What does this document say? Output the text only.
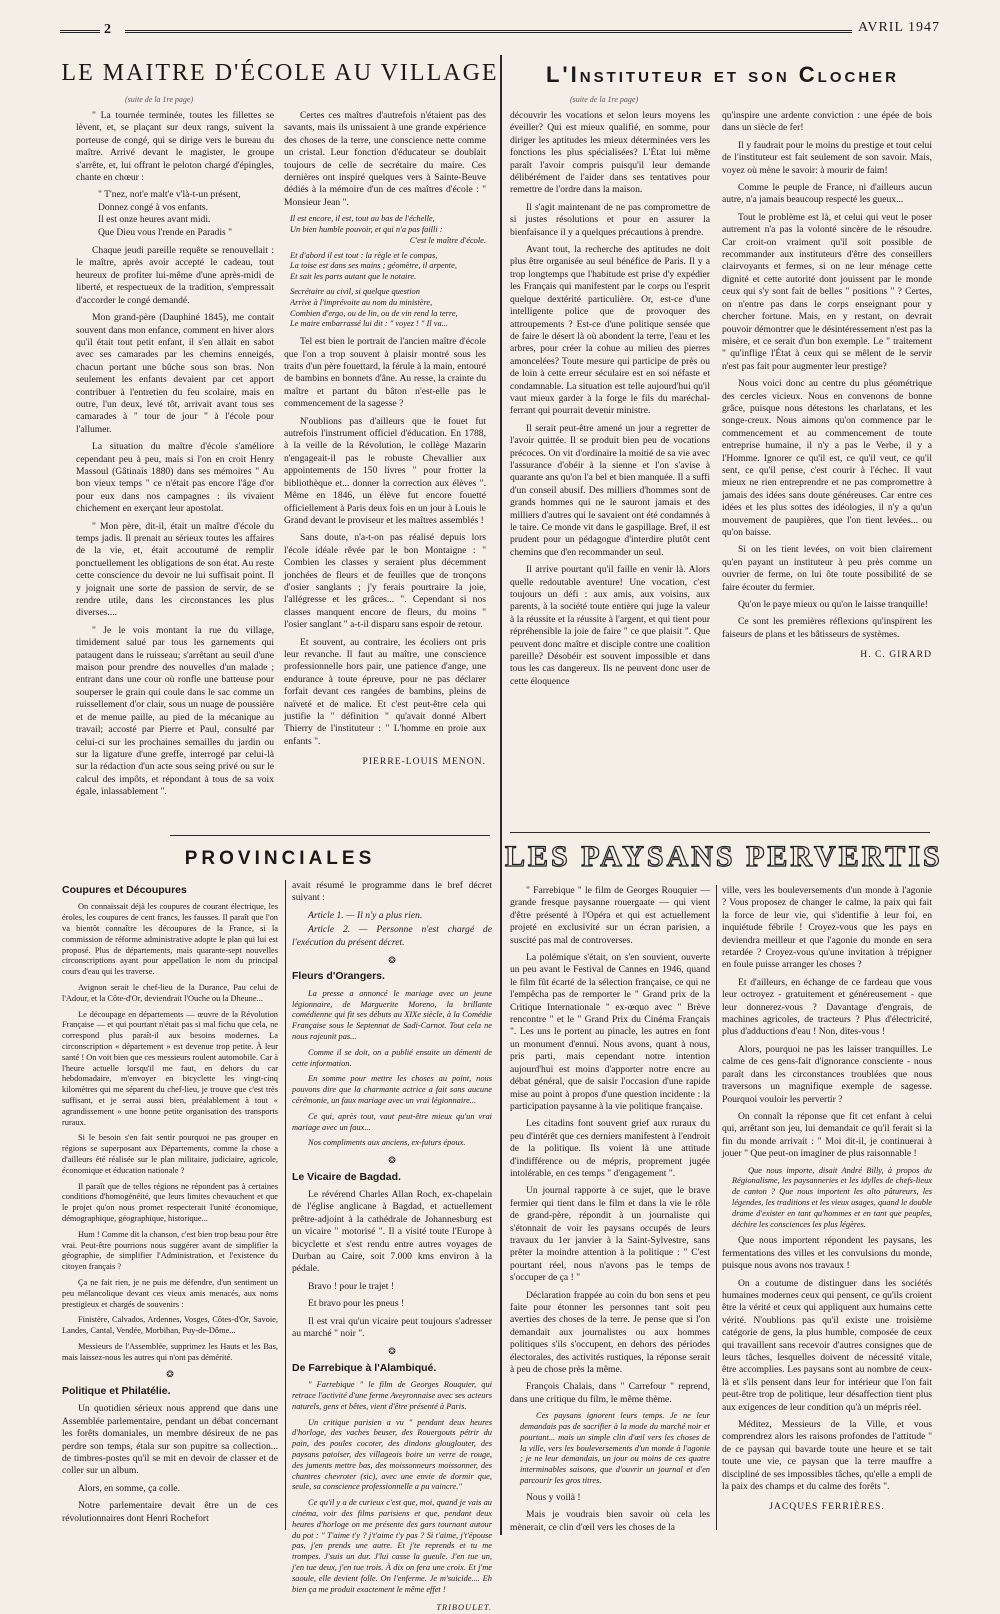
2	AVRIL 1947
LE MAITRE D'ÉCOLE AU VILLAGE
(suite de la 1re page)

" La tournée terminée, toutes les fillettes se lèvent, et, se plaçant sur deux rangs, suivent la porteuse de congé, qui se dirige vers le bureau du maître. Arrivé devant le magister, le groupe s'arrête, et, lui offrant le peloton chargé d'épingles, chante en chœur :

" T'nez, not'e malt'e v'là-t-un présent,
Donnez congé à vos enfants.
Il est onze heures avant midi.
Que Dieu vous l'rende en Paradis "

Chaque jeudi pareille requête se renouvellait : le maître, après avoir accepté le cadeau, tout heureux de profiter lui-même d'une après-midi de liberté, et respectueux de la tradition, s'empressait d'accorder le congé demandé.

Mon grand-père (Dauphiné 1845), me contait souvent dans mon enfance, comment en hiver alors qu'il était tout petit enfant, il s'en allait en sabot avec ses camarades par les chemins enneigés, chacun portant une bûche sous son bras. Non seulement les enfants devaient par cet apport contribuer à l'entretien du feu scolaire, mais en outre, l'un deux, levé tôt, arrivait avant tous ses camarades à " tour de jour " à l'école pour l'allumer.

La situation du maître d'école s'améliore cependant peu à peu, mais si l'on en croit Henry Massoul (Gâtinais 1880) dans ses mémoires " Au bon vieux temps " ce n'était pas encore l'âge d'or pour eux dans nos campagnes : ils vivaient chichement en exerçant leur apostolat.

" Mon père, dit-il, était un maître d'école du temps jadis. Il prenait au sérieux toutes les affaires de la vie, et, était accoutumé de remplir ponctuellement les obligations de son état. Au reste cette conscience du devoir ne lui suffisait point. Il y joignait une sorte de passion de servir, de se rendre utile, dans les circonstances les plus diverses....

" Je le vois montant la rue du village, timidement salué par tous les garnements qui pataugent dans le ruisseau; s'arrêtant au seuil d'une maison pour prendre des nouvelles d'un malade ; entrant dans une cour où ronfle une batteuse pour souperser le grain qui coule dans le sac comme un ruissellement d'or clair, sous un nuage de poussière et de menue paille, au pied de la mécanique au travail; accosté par Pierre et Paul, consulté par celui-ci sur les prochaines semailles du jardin ou sur la ligature d'une greffe, interrogé par celui-là sur la rédaction d'un acte sous seing privé ou sur le calcul des impôts, et répondant à tous de sa voix égale, inlassablement ".

Certes ces maîtres d'autrefois n'étaient pas des savants, mais ils unissaient à une grande expérience des choses de la terre, une conscience nette comme un cristal. Leur fonction d'éducateur se doublait toujours de celle de secrétaire du maire. Ces dernières ont inspiré quelques vers à Sainte-Beuve dédiés à la mémoire d'un de ces maîtres d'école : " Monsieur Jean ".

Il est encore, il est, tout au bas de l'échelle,
Un bien humble pouvoir, et qui n'a pas failli :
C'est le maître d'école.
Et d'abord il est tout : la règle et le compas,
La toise est dans ses mains ; géomètre, il arpente,
Et sait les parts autant que le notaire.
Secrétaire au civil, si quelque question
Arrive à l'imprévoite au nom du ministère,
Combien d'ergo, ou de lin, ou de vin rend la terre,
Le maire embarrassé lui dit : " voyez ! " Il va...

Tel est bien le portrait de l'ancien maître d'école que l'on a trop souvent à plaisir montré sous les traits d'un père fouettard, la férule à la main, entouré de bambins en bonnets d'âne. Au resse, la crainte du maître et partant du bâton n'est-elle pas le commencement de la sagesse ?

N'oublions pas d'ailleurs que le fouet fut autrefois l'instrument officiel d'éducation. En 1788, à la veille de la Révolution, le collège Mazarin n'engageait-il pas le robuste Chevallier aux appointements de 150 livres " pour frotter la bibliothèque et... donner la correction aux élèves ". Même en 1846, un élève fut encore fouetté officiellement à Paris deux fois en un jour à Louis le Grand devant le proviseur et les maîtres assemblés !

Sans doute, n'a-t-on pas réalisé depuis lors l'école idéale rêvée par le bon Montaigne : " Combien les classes y seraient plus décemment jonchées de fleurs et de feuilles que de tronçons d'osier sanglants ; j'y ferais pourtraire la joie, l'allégresse et les grâces... ". Cependant si nos classes manquent encore de fleurs, du moins " l'osier sanglant " a-t-il disparu sans espoir de retour.

Et souvent, au contraire, les écoliers ont pris leur revanche. Il faut au maître, une conscience professionnelle hors pair, une patience d'ange, une endurance à toute épreuve, pour ne pas déclarer forfait devant ces rangées de bambins, pleins de naïveté et de malice. Et c'est peut-être cela qui justifie la " définition " qu'avait donné Albert Thierry de l'instituteur : " L'homme en proie aux enfants ".

PIERRE-LOUIS MENON.

L'Instituteur et son Clocher
(suite de la 1re page)

découvrir les vocations et selon leurs moyens les éveiller? Qui est mieux qualifié, en somme, pour diriger les aptitudes les mieux déterminées vers les fonctions les plus spécialisées? L'État lui même paraît l'avoir compris puisqu'il leur demande délibérément de l'aider dans ses tentatives pour remettre de l'ordre dans la maison.

Il s'agit maintenant de ne pas compromettre de si justes résolutions et pour en assurer la bienfaisance il y a quelques précautions à prendre.

Avant tout, la recherche des aptitudes ne doit plus être organisée au seul bénéfice de Paris. Il y a trop longtemps que l'habitude est prise d'y expédier les Français qui manifestent par le corps ou l'esprit quelque dextérité particulière. Or, est-ce d'une intelligente police que de provoquer des attroupements ? Est-ce d'une politique sensée que de faire le désert là où abondent la terre, l'eau et les arbres, pour créer la cohue au milieu des pierres amoncelées? Toute mesure qui participe de près ou de loin à cette erreur séculaire est en soi néfaste et condamnable. La situation est telle aujourd'hui qu'il vaut mieux garder à la forge le fils du maréchal-ferrant qui pourrait devenir ministre.

Il serait peut-être amené un jour a regretter de l'avoir quittée. Il se produit bien peu de vocations précoces. On vit d'ordinaire la moitié de sa vie avec l'assurance d'obéir à la sienne et l'on s'avise à quarante ans qu'on l'a bel et bien manquée. Il a suffi d'un conseil abusif. Des milliers d'hommes sont de grands hommes qui ne le sauront jamais et des milliers d'autres qui le savaient ont été condamnés à le taire. Ce monde vit dans le gaspillage. Bref, il est prudent pour un pédagogue d'interdire plutôt cent chemins que d'en recommander un seul.

Il arrive pourtant qu'il faille en venir là. Alors quelle redoutable aventure! Une vocation, c'est toujours un défi : aux amis, aux voisins, aux parents, à la société toute entière qui juge la valeur à la réussite et la réussite à l'argent, et qui tient pour répréhensible la joie de faire " ce que plaisit ". Que peuvent donc maître et disciple contre une coalition pareille? Désobéir est souvent impossible et dans tous les cas dangereux. Ils ne peuvent donc user de cette éloquence

qu'inspire une ardente conviction : une épée de bois dans un siècle de fer!

Il y faudrait pour le moins du prestige et tout celui de l'instituteur est fait seulement de son savoir. Mais, voyez où mène le savoir: à mourir de faim!

Comme le peuple de France, ni d'ailleurs aucun autre, n'a jamais beaucoup respecté les gueux...

Tout le problème est là, et celui qui veut le poser autrement n'a pas la volonté sincère de le résoudre. Car croit-on vraiment qu'il soit possible de recommander aux instituteurs d'être des conseillers clairvoyants et fermes, si on ne leur ménage cette dignité et cette autorité dont jouissent par le monde ceux qui s'y sont fait de belles " positions " ? Certes, on n'entre pas dans le corps enseignant pour y chercher fortune. Mais, en y restant, on devrait pouvoir démontrer que le désintéressement n'est pas la misère, et ce serait d'un bon exemple. Le " traitement " qu'inflige l'État à ceux qui se mêlent de le servir n'est pas fait pour augmenter leur prestige?

Nous voici donc au centre du plus géométrique des cercles vicieux. Nous en convenons de bonne grâce, puisque nous détestons les charlatans, et les songe-creux. Nous aimons qu'on commence par le commencement et au commencement de toute entreprise humaine, il n'y a pas le Verbe, il y a l'Homme. Ignorer ce qu'il est, ce qu'il veut, ce qu'il sent, ce qu'il pense, c'est courir à l'échec. Il vaut mieux ne rien entreprendre et ne pas compromettre à jamais des idées sans doute généreuses. Car entre ces idées et les plus sottes des idéologies, il n'y a qu'un mouvement de paupières, que l'on tient levées... ou qu'on baisse.

Si on les tient levées, on voit bien clairement qu'en payant un instituteur à peu près comme un ouvrier de ferme, on lui ôte toute possibilité de se faire écouter du fermier.

Qu'on le paye mieux ou qu'on le laisse tranquille!

Ce sont les premières réflexions qu'inspirent les faiseurs de plans et les bâtisseurs de systèmes.

H. C. GIRARD

PROVINCIALES
Coupures et Découpures

On connaissait déjà les coupures de courant électrique, les éroles, les coupures de cent francs, les fausses. Il paraît que l'on va bientôt connaître les découpures de la France, si la commission de réforme administrative adopte le plan qui lui est proposé. Plus de départements, mais quarante-sept nouvelles circonscriptions ayant pour appellation le nom du principal cours d'eau qui les traverse.

Avignon serait le chef-lieu de la Durance, Pau celui de l'Adour, et la Côte-d'Or, deviendrait l'Ouche ou la Dheune...

Le découpage en départements — œuvre de la Révolution Française — et qui pourtant n'était pas si mal fichu que cela, ne correspond plus paraît-il aux besoins modernes. La circonscription « département » est devenue trop petite. À leur santé ! On voit bien que ces messieurs roulent automobile. Car à l'heure actuelle lorsqu'il me faut, en dehors du car hebdomadaire, m'envoyer en bicyclette les vingt-cinq kilomètres qui me séparent du chef-lieu, je trouve que c'est très suffisant, et je serrai aussi bien, préalablement à tout « agrandissement » une bonne petite organisation des transports ruraux.

Si le besoin s'en fait sentir pourquoi ne pas grouper en régions se superposant aux Départements, comme la chose a d'ailleurs été réalisée sur le plan militaire, judiciaire, agricole, économique et éducation nationale ?

Il paraît que de telles régions ne répondent pas à certaines conditions d'homogénéité, que leurs limites chevauchent et que le projet qu'on nous promet respecterait l'unité économique, démographique, géographique, historique...

Hum ! Comme dit la chanson, c'est bien trop beau pour être vrai. Peut-être pourrions nous suggérer avant de simplifier la géographie, de simplifier l'Administration, et l'existence du citoyen français ?

Ça ne fait rien, je ne puis me défendre, d'un sentiment un peu mélancolique devant ces vieux amis menacés, aux noms prestigieux et chargés de souvenirs :

Finistère, Calvados, Ardennes, Vosges, Côtes-d'Or, Savoie, Landes, Cantal, Vendée, Morbihan, Puy-de-Dôme...

Messieurs de l'Assemblée, supprimez les Hauts et les Bas, mais laissez-nous les autres qui n'ont pas démérité.

❂
Politique et Philatélie.

Un quotidien sérieux nous apprend que dans une Assemblée parlementaire, pendant un débat concernant les forêts domaniales, un membre désireux de ne pas perdre son temps, étala sur son pupitre sa collection... de timbres-postes qu'il se mit en devoir de classer et de coller sur un album.

Alors, en somme, ça colle.

Notre parlementaire devait être un de ces révolutionnaires dont Henri Rochefort

avait résumé le programme dans le bref décret suivant :

Article 1. — Il n'y a plus rien.

Article 2. — Personne n'est chargé de l'exécution du présent décret.

❂
Fleurs d'Orangers.

La presse a annoncé le mariage avec un jeune légionnaire, de Marguerite Moreno, la brillante comédienne qui fit ses débuts au XIXe siècle, à la Comédie Française sous le Septennat de Sadi-Carnot. Tout cela ne nous rajeunit pas...

Comme il se doit, on a publié ensuite un démenti de cette information.

En somme pour mettre les choses au point, nous pouvons dire que la charmante actrice a fait sans aucune cérémonie, un faux mariage avec un vrai légionnaire...

Ce qui, après tout, vaut peut-être mieux qu'un vrai mariage avec un faux...

Nos compliments aux anciens, ex-futurs époux.

❂
Le Vicaire de Bagdad.

Le révérend Charles Allan Roch, ex-chapelain de l'église anglicane à Bagdad, et actuellement prêtre-adjoint à la cathédrale de Johannesburg est un vicaire " motorisé ". Il a visité toute l'Europe à bicyclette et s'est rendu entre autres voyages de Durban au Caire, soit 7.000 kms environ à la pédale.

Bravo ! pour le trajet !

Et bravo pour les pneus !

Il est vrai qu'un vicaire peut toujours s'adresser au marché " noir ".

❂
De Farrebique à l'Alambiqué.

" Farrebique " le film de Georges Rouquier, qui retrace l'activité d'une ferme Aveyronnaise avec ses acteurs naturels, gens et bêtes, vient d'être présenté à Paris.

Un critique parisien a vu " pendant deux heures d'horloge, des vaches beuser, des Rouergouts pétrir du pain, des poules cocoter, des dindons glouglouter, des paysans patoiser, des villageois boire un verre de rouge, des juments mettre bas, des moissonneurs moissonner, des chantres chevroter (sic), avec une envie de dormir que, seule, sa conscience professionnelle a pu vaincre."

Ce qu'il y a de curieux c'est que, moi, quand je vais au cinéma, voir des films parisiens et que, pendant deux heures d'horloge on me présente des gars tournant autour du pot : " T'aime t'y ? j't'aime t'y pas ? Si t'aime, j't'épouse pas, j'en prends une autre. Et j'te reprends et tu me trompes. J'suis un dur. J'lui casse la gueule. J'en tue un, j'en tue deux, j'en tue trois. À dix on fera une croix. Et j'me saoule, elle devient folle. On l'enferme. Je m'suicide.... Eh bien ça me produit exactement le même effet !

TRIBOULET.

LES PAYSANS PERVERTIS

" Farrebique " le film de Georges Rouquier — grande fresque paysanne rouergaate — qui vient d'être présenté à l'Opéra et qui est actuellement projeté en exclusivité sur un écran parisien, a suscité pas mal de controverses.

La polémique s'était, on s'en souvient, ouverte un peu avant le Festival de Cannes en 1946, quand le film fût écarté de la sélection française, ce qui ne l'empêcha pas de remporter le " Grand prix de la Critique Internationale " ex-œquo avec " Brève rencontre " et le " Grand Prix du Cinéma Français ". Les uns le portent au pinacle, les autres en font un monument d'ennui. Nous avons, quant à nous, pris parti, mais cependant notre intention aujourd'hui est moins d'apporter notre encre au débat général, que de saisir l'occasion d'une rapide mise au point à propos d'une question incidente : la participation paysanne à la vie politique française.

Les citadins font souvent grief aux ruraux du peu d'intérêt que ces derniers manifestent à l'endroit de la politique. Ils voient là une attitude d'indifférence ou de mépris, proprement jugée intolérable, en ces temps " d'engagement ".

Un journal rapporte à ce sujet, que le brave fermier qui tient dans le film et dans la vie le rôle de grand-père, répondit à un journaliste qui s'étonnait de voir les paysans occupés de leurs travaux du 1er janvier à la Saint-Sylvestre, sans prêter la moindre attention à la politique : " C'est pourtant réel, nous n'avons pas le temps de s'occuper de ça ! "

Déclaration frappée au coin du bon sens et peu faite pour étonner les personnes tant soit peu averties des choses de la terre. Je pense que si l'on demandait aux journalistes ou aux hommes politiques s'ils s'occupent, en dehors des périodes électorales, des activités rustiques, la réponse serait à peu de chose près la même.

François Chalais, dans " Carrefour " reprend, dans une critique du film, le même thème.

Ces paysans ignorent leurs temps. Je ne leur demandais pas de sacrifier à la mode du marché noir et pourtant... mais un simple clin d'œil vers les choses de la ville, vers les bouleversements d'un monde à l'agonie ; je ne leur demandais, un jour ou moins de ces quatre interminables saisons, que d'ouvrir un journal et d'en parcourir les gros titres.

Nous y voilà !

Mais je voudrais bien savoir où cela les mènerait, ce clin d'œil vers les choses de la

ville, vers les bouleversements d'un monde à l'agonie ? Vous proposez de changer le calme, la paix qui fait la force de leur vie, qui s'identifie à leur foi, en inquiétude fébrile ! Croyez-vous que les pays en deviendra meilleur et que l'agonie du monde en sera retardée ? Croyez-vous qu'une invitation à trépigner en foule puisse arranger les choses ?

Et d'ailleurs, en échange de ce fardeau que vous leur octroyez - gratuitement et généreusement - que leur donnerez-vous ? Davantage d'engrais, de machines agricoles, de tracteurs ? Plus d'électricité, plus d'adductions d'eau ! Non, dites-vous !

Alors, pourquoi ne pas les laisser tranquilles. Le calme de ces gens-fait d'ignorance consciente - nous paraît dans les circonstances troublées que nous traversons un magnifique exemple de sagesse. Pourquoi vouloir les pervertir ?

On connaît la réponse que fit cet enfant à celui qui, arrêtant son jeu, lui demandait ce qu'il ferait si la fin du monde arrivait : " Moi dit-il, je continuerai à jouer " Que peut-on imaginer de plus raisonnable !

Que nous importe, disait André Billy, à propos du Régionalisme, les paysanneries et les idylles de chefs-lieux de canton ? Que nous importent les alto pâtureurs, les légendes, les traditions et les vieux usages, quand le double drame d'exister en tant qu'hommes et en tant que peuples, déchire les consciences les plus légères.

Que nous importent répondent les paysans, les fermentations des villes et les convulsions du monde, puisque nous avons nos travaux !

On a coutume de distinguer dans les sociétés humaines modernes ceux qui pensent, ce qu'ils croient être la vérité et ceux qui appliquent aux humains cette vérité. N'oublions pas qu'il existe une troisième catégorie de gens, la plus humble, composée de ceux qui travaillent sans recevoir d'autres consignes que de leurs tâches, lesquelles doivent de nécessité vitale, être accomplies. Les paysans sont au nombre de ceux-là et s'ils pensent dans leur for intérieur que l'on fait peut-être trop de politique, leur désaffection tient plus aux exigences de leur condition qu'à un mépris réel.

Méditez, Messieurs de la Ville, et vous comprendrez alors les raisons profondes de l'attitude " de ce paysan qui bavarde toute une heure et se tait toute une vie, ce paysan que la terre mauffre a discipliné de ses impossibles tâches, qu'elle a empli de la paix des champs et du calme des forêts ".

JACQUES FERRIÈRES.
